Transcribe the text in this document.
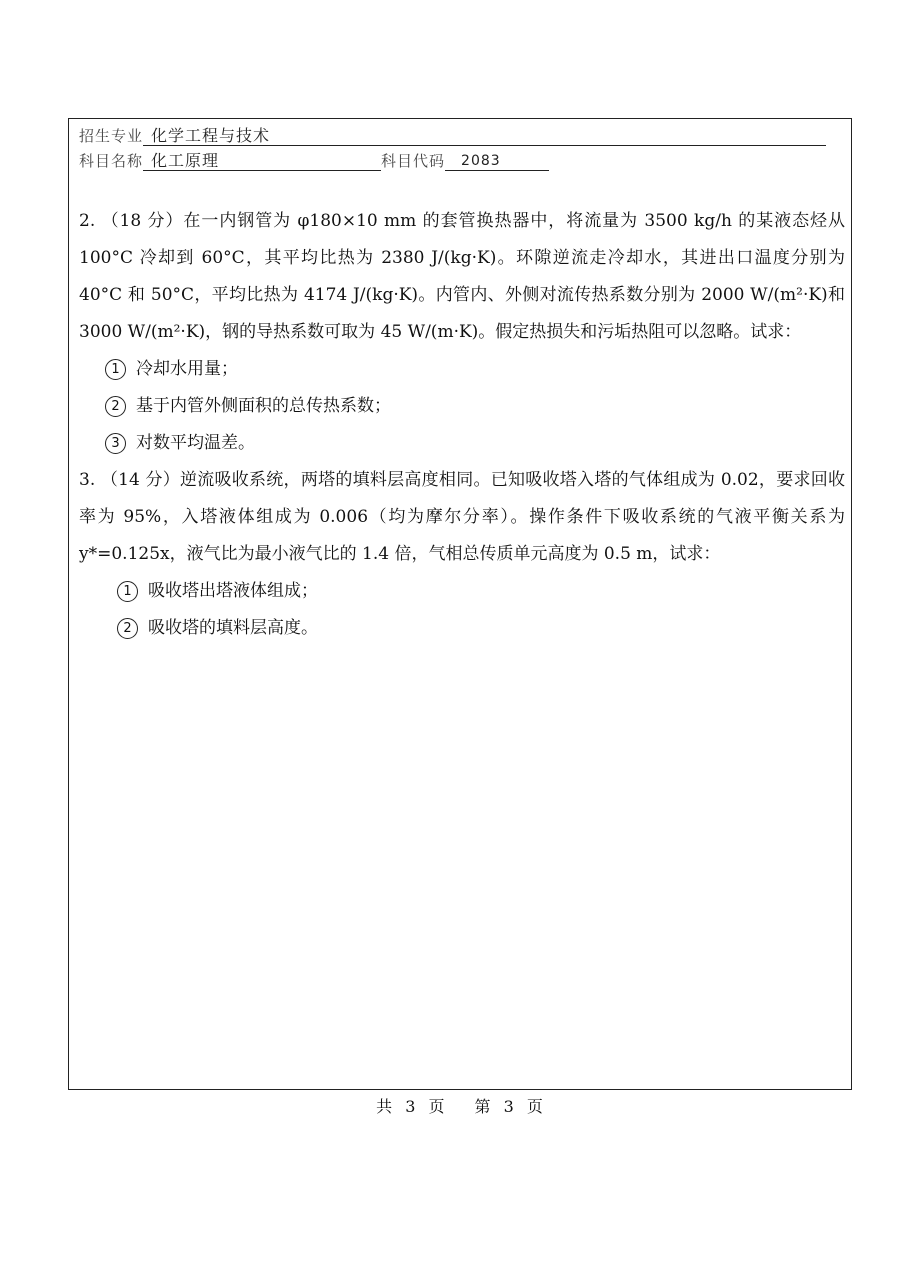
招生专业 化学工程与技术
科目名称 化工原理	科目代码 2083

2. （18 分）在一内钢管为 φ180×10 mm 的套管换热器中，将流量为 3500 kg/h 的某液态烃从 100°C 冷却到 60°C，其平均比热为 2380 J/(kg·K)。环隙逆流走冷却水，其进出口温度分别为 40°C 和 50°C，平均比热为 4174 J/(kg·K)。内管内、外侧对流传热系数分别为 2000 W/(m²·K)和 3000 W/(m²·K)，钢的导热系数可取为 45 W/(m·K)。假定热损失和污垢热阻可以忽略。试求：

1 冷却水用量；
2 基于内管外侧面积的总传热系数；
3 对数平均温差。

3. （14 分）逆流吸收系统，两塔的填料层高度相同。已知吸收塔入塔的气体组成为 0.02，要求回收率为 95%，入塔液体组成为 0.006（均为摩尔分率）。操作条件下吸收系统的气液平衡关系为 y*=0.125x，液气比为最小液气比的 1.4 倍，气相总传质单元高度为 0.5 m，试求：

1 吸收塔出塔液体组成；
2 吸收塔的填料层高度。
共 3 页 第 3 页
